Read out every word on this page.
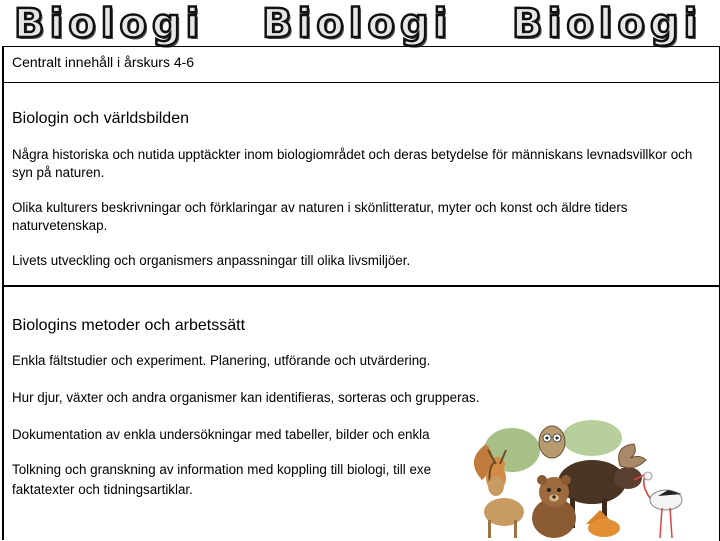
Biologi Biologi Biologi
Centralt innehåll i årskurs 4-6
Biologin och världsbilden
Några historiska och nutida upptäckter inom biologiområdet och deras betydelse för människans levnadsvillkor och syn på naturen.
Olika kulturers beskrivningar och förklaringar av naturen i skönlitteratur, myter och konst och äldre tiders naturvetenskap.
Livets utveckling och organismers anpassningar till olika livsmiljöer.
Biologins metoder och arbetssätt
Enkla fältstudier och experiment. Planering, utförande och utvärdering.
Hur djur, växter och andra organismer kan identifieras, sorteras och grupperas.
Dokumentation av enkla undersökningar med tabeller, bilder och enkla
Tolkning och granskning av information med koppling till biologi, till exe
faktatexter och tidningsartiklar.
